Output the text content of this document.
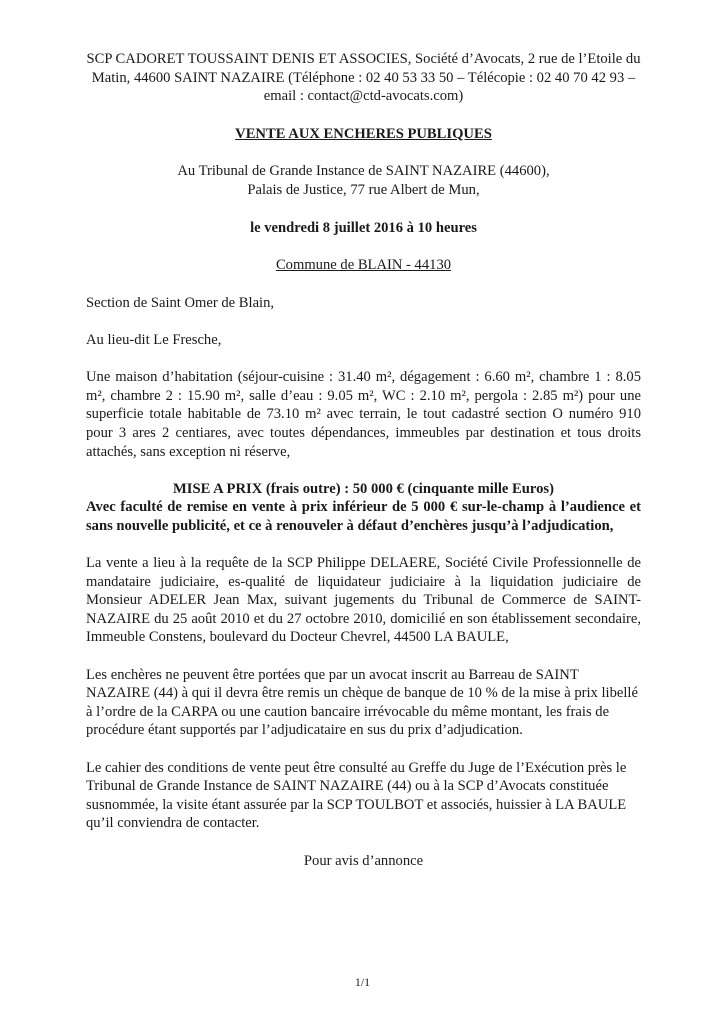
SCP CADORET TOUSSAINT DENIS ET ASSOCIES, Société d’Avocats, 2 rue de l’Etoile du
Matin, 44600 SAINT NAZAIRE (Téléphone : 02 40 53 33 50 – Télécopie : 02 40 70 42 93 –
email : contact@ctd-avocats.com)
VENTE AUX ENCHERES PUBLIQUES
Au Tribunal de Grande Instance de SAINT NAZAIRE (44600),
Palais de Justice, 77 rue Albert de Mun,
le vendredi 8 juillet 2016 à 10 heures
Commune de BLAIN - 44130

Section de Saint Omer de Blain,

Au lieu-dit Le Fresche,

Une maison d’habitation (séjour-cuisine : 31.40 m², dégagement : 6.60 m², chambre 1 : 8.05 m², chambre 2 : 15.90 m², salle d’eau : 9.05 m², WC : 2.10 m², pergola : 2.85 m²) pour une superficie totale habitable de 73.10 m² avec terrain, le tout cadastré section O numéro 910 pour 3 ares 2 centiares, avec toutes dépendances, immeubles par destination et tous droits attachés, sans exception ni réserve,

MISE A PRIX (frais outre) : 50 000 € (cinquante mille Euros)

Avec faculté de remise en vente à prix inférieur de 5 000 € sur-le-champ à l’audience et sans nouvelle publicité, et ce à renouveler à défaut d’enchères jusqu’à l’adjudication,

La vente a lieu à la requête de la SCP Philippe DELAERE, Société Civile Professionnelle de mandataire judiciaire, es-qualité de liquidateur judiciaire à la liquidation judiciaire de Monsieur ADELER Jean Max, suivant jugements du Tribunal de Commerce de SAINT-NAZAIRE du 25 août 2010 et du 27 octobre 2010, domicilié en son établissement secondaire, Immeuble Constens, boulevard du Docteur Chevrel, 44500 LA BAULE,

Les enchères ne peuvent être portées que par un avocat inscrit au Barreau de SAINT NAZAIRE (44) à qui il devra être remis un chèque de banque de 10 % de la mise à prix libellé à l’ordre de la CARPA ou une caution bancaire irrévocable du même montant, les frais de procédure étant supportés par l’adjudicataire en sus du prix d’adjudication.

Le cahier des conditions de vente peut être consulté au Greffe du Juge de l’Exécution près le Tribunal de Grande Instance de SAINT NAZAIRE (44) ou à la SCP d’Avocats constituée susnommée, la visite étant assurée par la SCP TOULBOT et associés, huissier à LA BAULE qu’il conviendra de contacter.

Pour avis d’annonce

1/1
